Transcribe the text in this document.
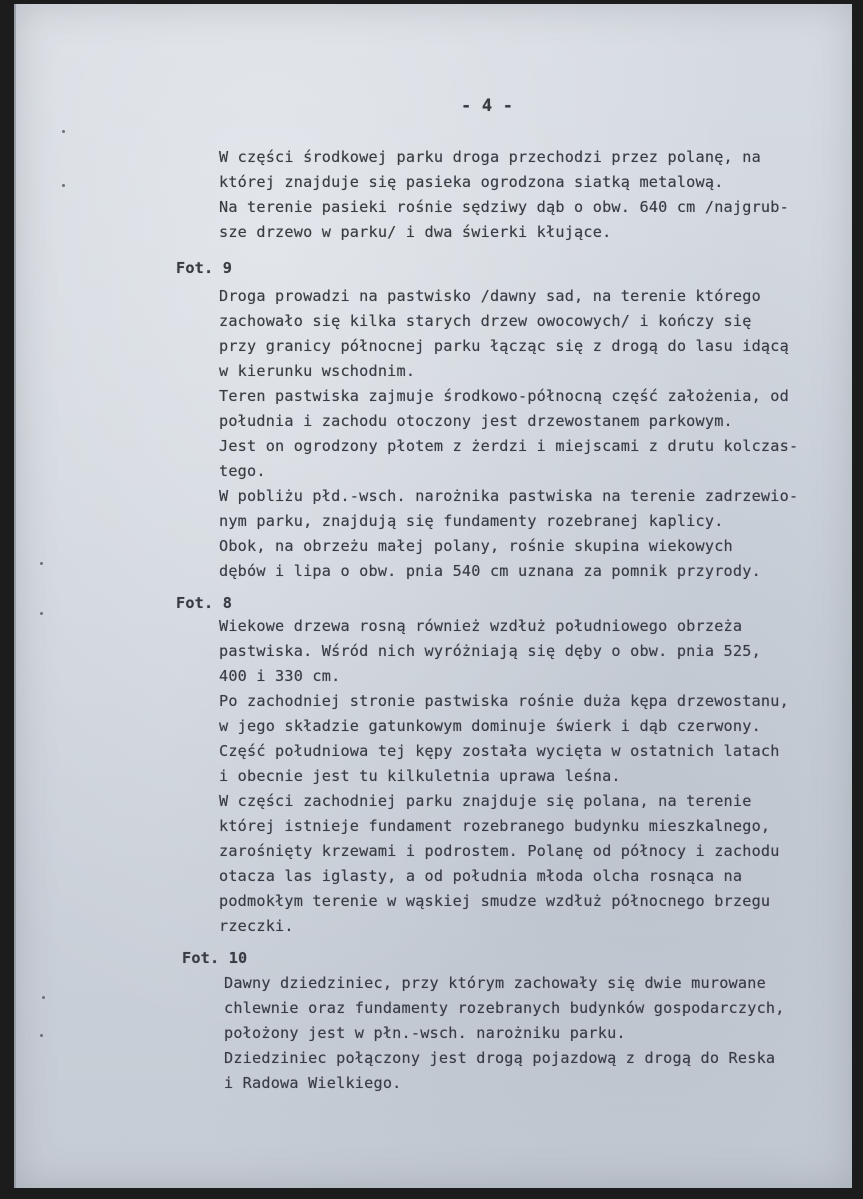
- 4 -
W części środkowej parku droga przechodzi przez polanę, na
której znajduje się pasieka ogrodzona siatką metalową.
Na terenie pasieki rośnie sędziwy dąb o obw. 640 cm /najgrub-
sze drzewo w parku/ i dwa świerki kłujące.
Fot. 9
Droga prowadzi na pastwisko /dawny sad, na terenie którego
zachowało się kilka starych drzew owocowych/ i kończy się
przy granicy północnej parku łącząc się z drogą do lasu idącą
w kierunku wschodnim.
Teren pastwiska zajmuje środkowo-północną część założenia, od
południa i zachodu otoczony jest drzewostanem parkowym.
Jest on ogrodzony płotem z żerdzi i miejscami z drutu kolczas-
tego.
W pobliżu płd.-wsch. narożnika pastwiska na terenie zadrzewio-
nym parku, znajdują się fundamenty rozebranej kaplicy.
Obok, na obrzeżu małej polany, rośnie skupina wiekowych
dębów i lipa o obw. pnia 540 cm uznana za pomnik przyrody.
Fot. 8
Wiekowe drzewa rosną również wzdłuż południowego obrzeża
pastwiska. Wśród nich wyróżniają się dęby o obw. pnia 525,
400 i 330 cm.
Po zachodniej stronie pastwiska rośnie duża kępa drzewostanu,
w jego składzie gatunkowym dominuje świerk i dąb czerwony.
Część południowa tej kępy została wycięta w ostatnich latach
i obecnie jest tu kilkuletnia uprawa leśna.
W części zachodniej parku znajduje się polana, na terenie
której istnieje fundament rozebranego budynku mieszkalnego,
zarośnięty krzewami i podrostem. Polanę od północy i zachodu
otacza las iglasty, a od południa młoda olcha rosnąca na
podmokłym terenie w wąskiej smudze wzdłuż północnego brzegu
rzeczki.
Fot. 10
Dawny dziedziniec, przy którym zachowały się dwie murowane
chlewnie oraz fundamenty rozebranych budynków gospodarczych,
położony jest w płn.-wsch. narożniku parku.
Dziedziniec połączony jest drogą pojazdową z drogą do Reska
i Radowa Wielkiego.
